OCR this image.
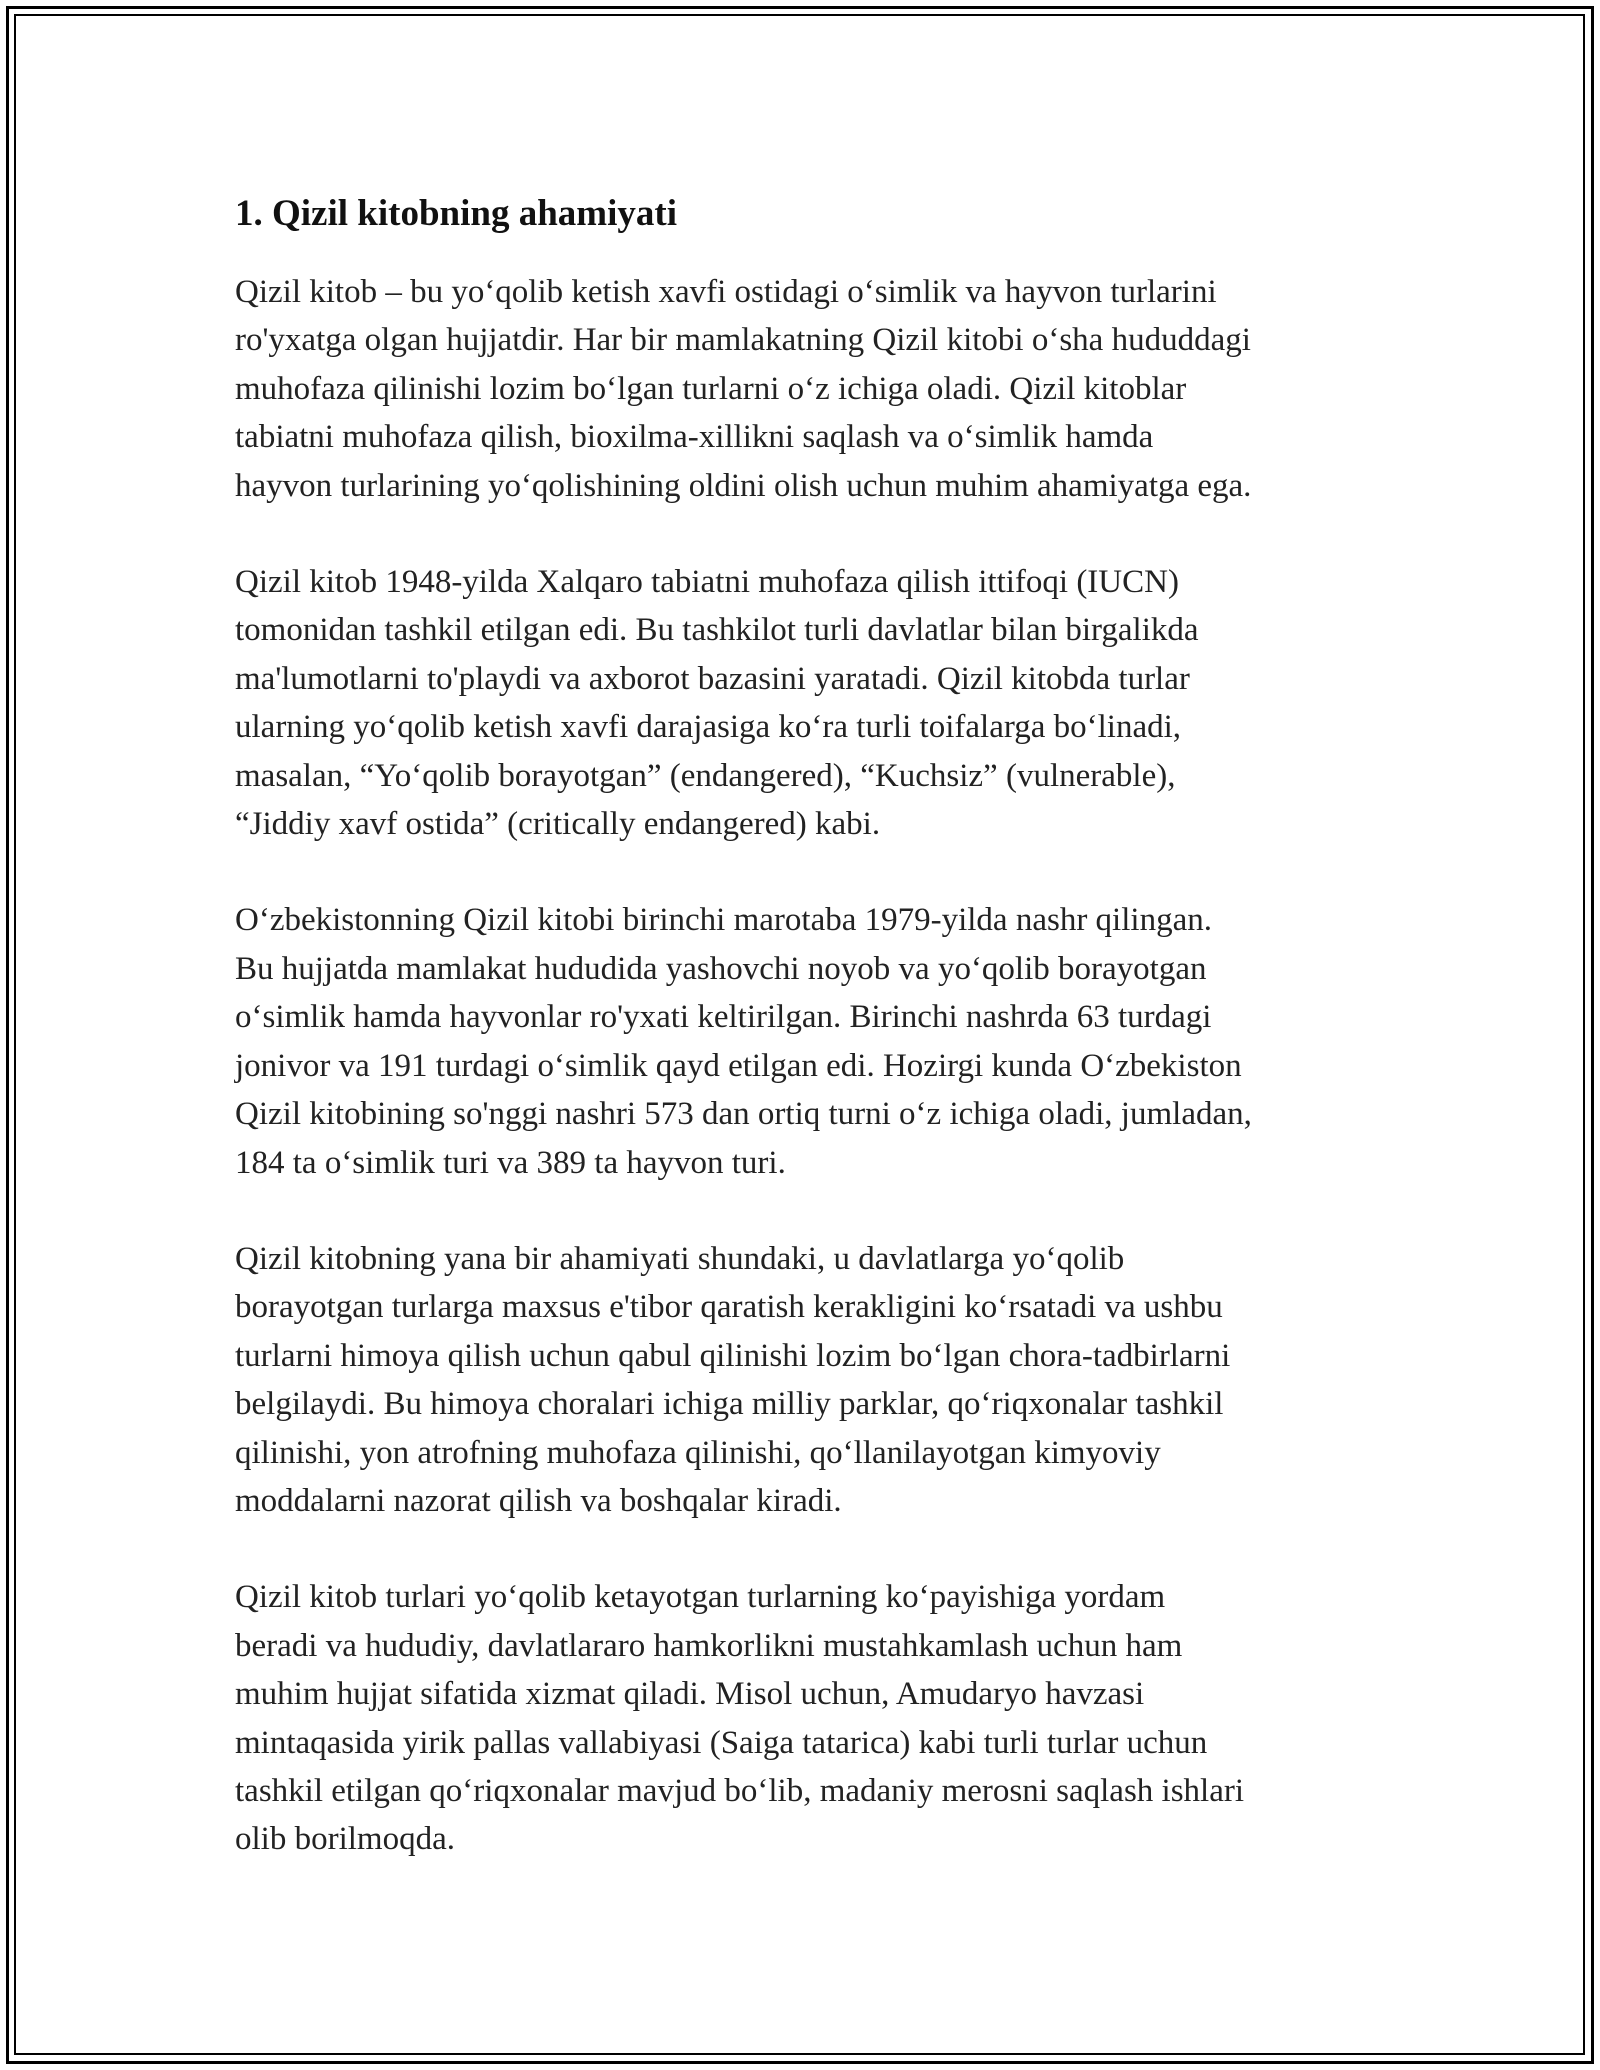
1. Qizil kitobning ahamiyati

Qizil kitob – bu yo‘qolib ketish xavfi ostidagi o‘simlik va hayvon turlarini
ro'yxatga olgan hujjatdir. Har bir mamlakatning Qizil kitobi o‘sha hududdagi
muhofaza qilinishi lozim bo‘lgan turlarni o‘z ichiga oladi. Qizil kitoblar
tabiatni muhofaza qilish, bioxilma-xillikni saqlash va o‘simlik hamda
hayvon turlarining yo‘qolishining oldini olish uchun muhim ahamiyatga ega.

Qizil kitob 1948-yilda Xalqaro tabiatni muhofaza qilish ittifoqi (IUCN)
tomonidan tashkil etilgan edi. Bu tashkilot turli davlatlar bilan birgalikda
ma'lumotlarni to'playdi va axborot bazasini yaratadi. Qizil kitobda turlar
ularning yo‘qolib ketish xavfi darajasiga ko‘ra turli toifalarga bo‘linadi,
masalan, “Yo‘qolib borayotgan” (endangered), “Kuchsiz” (vulnerable),
“Jiddiy xavf ostida” (critically endangered) kabi.

O‘zbekistonning Qizil kitobi birinchi marotaba 1979-yilda nashr qilingan.
Bu hujjatda mamlakat hududida yashovchi noyob va yo‘qolib borayotgan
o‘simlik hamda hayvonlar ro'yxati keltirilgan. Birinchi nashrda 63 turdagi
jonivor va 191 turdagi o‘simlik qayd etilgan edi. Hozirgi kunda O‘zbekiston
Qizil kitobining so'nggi nashri 573 dan ortiq turni o‘z ichiga oladi, jumladan,
184 ta o‘simlik turi va 389 ta hayvon turi.

Qizil kitobning yana bir ahamiyati shundaki, u davlatlarga yo‘qolib
borayotgan turlarga maxsus e'tibor qaratish kerakligini ko‘rsatadi va ushbu
turlarni himoya qilish uchun qabul qilinishi lozim bo‘lgan chora-tadbirlarni
belgilaydi. Bu himoya choralari ichiga milliy parklar, qo‘riqxonalar tashkil
qilinishi, yon atrofning muhofaza qilinishi, qo‘llanilayotgan kimyoviy
moddalarni nazorat qilish va boshqalar kiradi.

Qizil kitob turlari yo‘qolib ketayotgan turlarning ko‘payishiga yordam
beradi va hududiy, davlatlararo hamkorlikni mustahkamlash uchun ham
muhim hujjat sifatida xizmat qiladi. Misol uchun, Amudaryo havzasi
mintaqasida yirik pallas vallabiyasi (Saiga tatarica) kabi turli turlar uchun
tashkil etilgan qo‘riqxonalar mavjud bo‘lib, madaniy merosni saqlash ishlari
olib borilmoqda.
